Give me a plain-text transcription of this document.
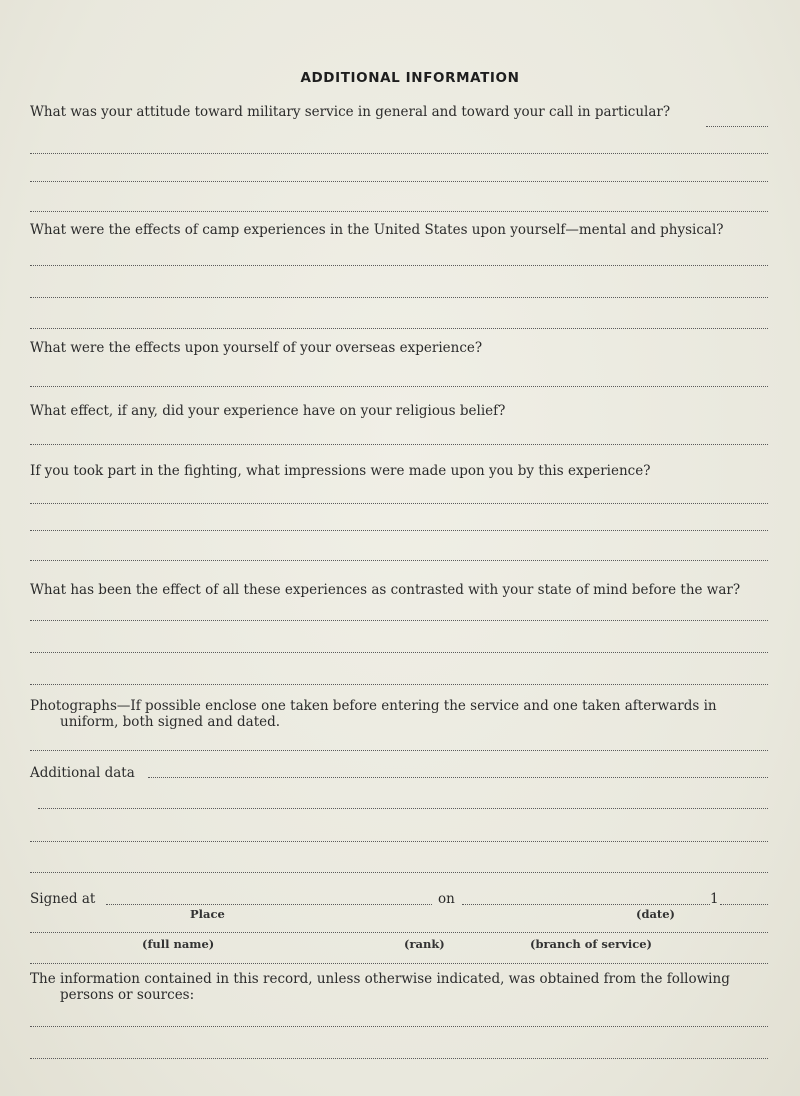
ADDITIONAL INFORMATION
What was your attitude toward military service in general and toward your call in particular?
What were the effects of camp experiences in the United States upon yourself—mental and physical?
What were the effects upon yourself of your overseas experience?
What effect, if any, did your experience have on your religious belief?
If you took part in the fighting, what impressions were made upon you by this experience?
What has been the effect of all these experiences as contrasted with your state of mind before the war?
Photographs—If possible enclose one taken before entering the service and one taken afterwards in
uniform, both signed and dated.
Additional data
Signed at	on	1
Place	(date)
(full name)	(rank)	(branch of service)
The information contained in this record, unless otherwise indicated, was obtained from the following
persons or sources:
